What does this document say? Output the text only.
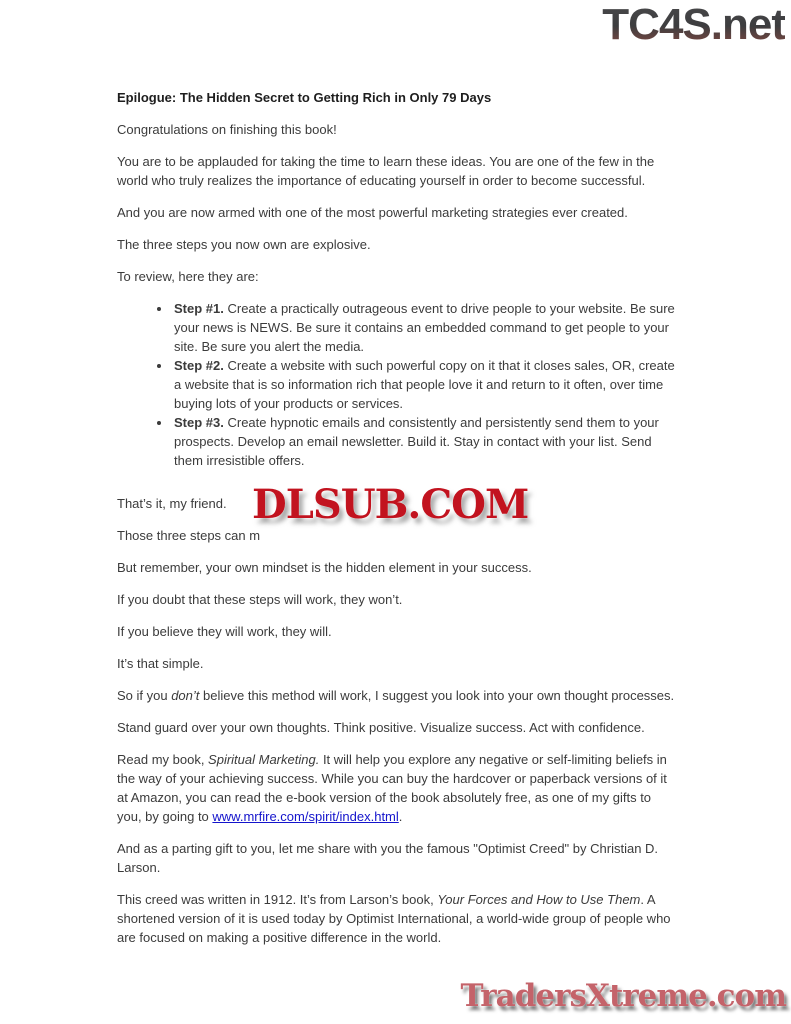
TC4S.net

Epilogue: The Hidden Secret to Getting Rich in Only 79 Days

Congratulations on finishing this book!

You are to be applauded for taking the time to learn these ideas. You are one of the few in the world who truly realizes the importance of educating yourself in order to become successful.

And you are now armed with one of the most powerful marketing strategies ever created.

The three steps you now own are explosive.

To review, here they are:

• Step #1. Create a practically outrageous event to drive people to your website. Be sure your news is NEWS. Be sure it contains an embedded command to get people to your site. Be sure you alert the media.
• Step #2. Create a website with such powerful copy on it that it closes sales, OR, create a website that is so information rich that people love it and return to it often, over time buying lots of your products or services.
• Step #3. Create hypnotic emails and consistently and persistently send them to your prospects. Develop an email newsletter. Build it. Stay in contact with your list. Send them irresistible offers.

That’s it, my friend.

Those three steps can m

But remember, your own mindset is the hidden element in your success.

If you doubt that these steps will work, they won’t.

If you believe they will work, they will.

It’s that simple.

So if you don’t believe this method will work, I suggest you look into your own thought processes.

Stand guard over your own thoughts. Think positive. Visualize success. Act with confidence.

Read my book, Spiritual Marketing. It will help you explore any negative or self-limiting beliefs in the way of your achieving success. While you can buy the hardcover or paperback versions of it at Amazon, you can read the e-book version of the book absolutely free, as one of my gifts to you, by going to www.mrfire.com/spirit/index.html.

And as a parting gift to you, let me share with you the famous "Optimist Creed" by Christian D. Larson.

This creed was written in 1912. It’s from Larson’s book, Your Forces and How to Use Them. A shortened version of it is used today by Optimist International, a world-wide group of people who are focused on making a positive difference in the world.

DLSUB.COM
TradersXtreme.com
